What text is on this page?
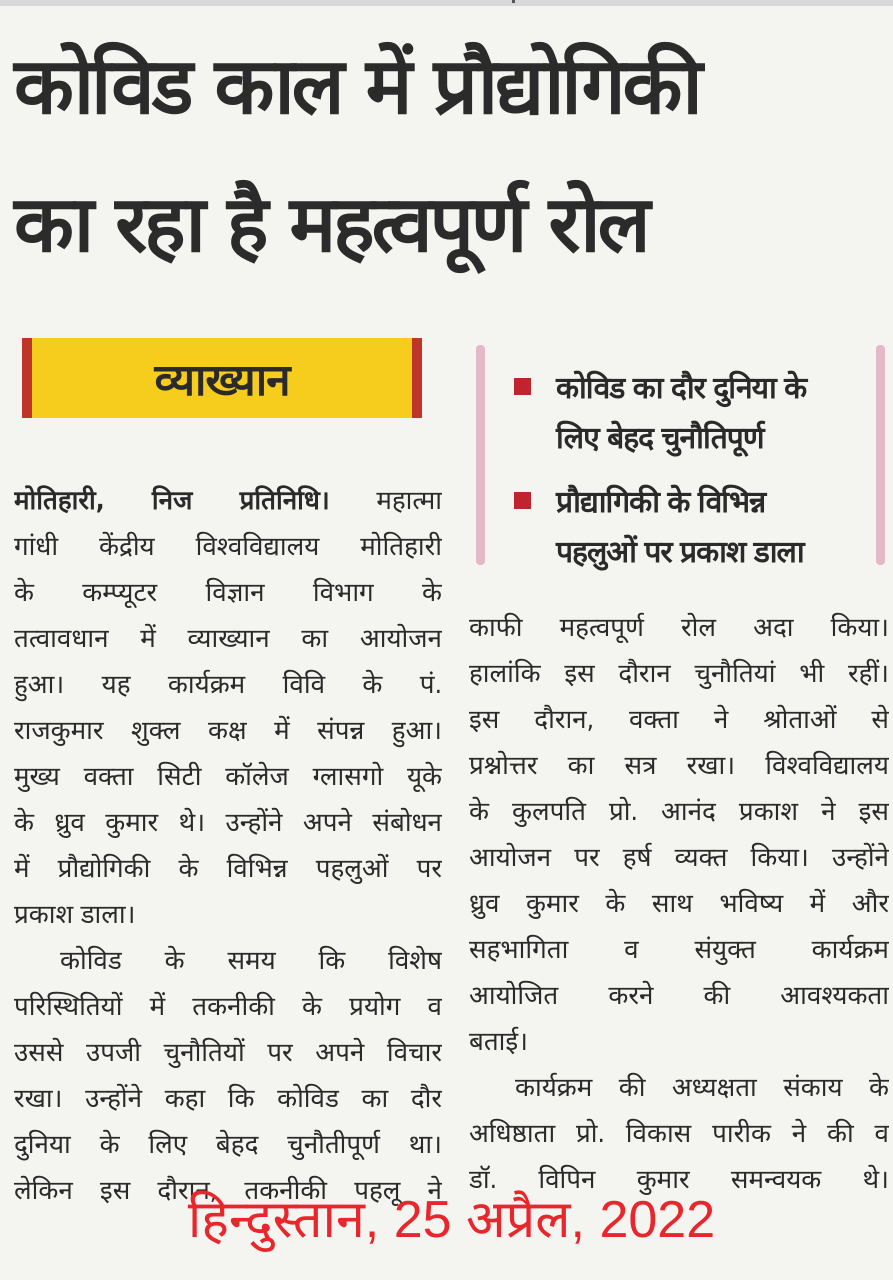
कोविड काल में प्रौद्योगिकी
का रहा है महत्वपूर्ण रोल
व्याख्यान	कोविड का दौर दुनिया के
लिए बेहद चुनौतिपूर्ण
प्रौद्यागिकी के विभिन्न
पहलुओं पर प्रकाश डाला
मोतिहारी, निज प्रतिनिधि। महात्मा
गांधी केंद्रीय विश्वविद्यालय मोतिहारी
के कम्प्यूटर विज्ञान विभाग के
तत्वावधान में व्याख्यान का आयोजन
हुआ। यह कार्यक्रम विवि के पं.
राजकुमार शुक्ल कक्ष में संपन्न हुआ।
मुख्य वक्ता सिटी कॉलेज ग्लासगो यूके
के ध्रुव कुमार थे। उन्होंने अपने संबोधन
में प्रौद्योगिकी के विभिन्न पहलुओं पर
प्रकाश डाला।
कोविड के समय कि विशेष
परिस्थितियों में तकनीकी के प्रयोग व
उससे उपजी चुनौतियों पर अपने विचार
रखा। उन्होंने कहा कि कोविड का दौर
दुनिया के लिए बेहद चुनौतीपूर्ण था।
लेकिन इस दौरान, तकनीकी पहलू ने
काफी महत्वपूर्ण रोल अदा किया।
हालांकि इस दौरान चुनौतियां भी रहीं।
इस दौरान, वक्ता ने श्रोताओं से
प्रश्नोत्तर का सत्र रखा। विश्वविद्यालय
के कुलपति प्रो. आनंद प्रकाश ने इस
आयोजन पर हर्ष व्यक्त किया। उन्होंने
ध्रुव कुमार के साथ भविष्य में और
सहभागिता व संयुक्त कार्यक्रम
आयोजित करने की आवश्यकता
बताई।
कार्यक्रम की अध्यक्षता संकाय के
अधिष्ठाता प्रो. विकास पारीक ने की व
डॉ. विपिन कुमार समन्वयक थे।
हिन्दुस्तान, 25 अप्रैल, 2022
